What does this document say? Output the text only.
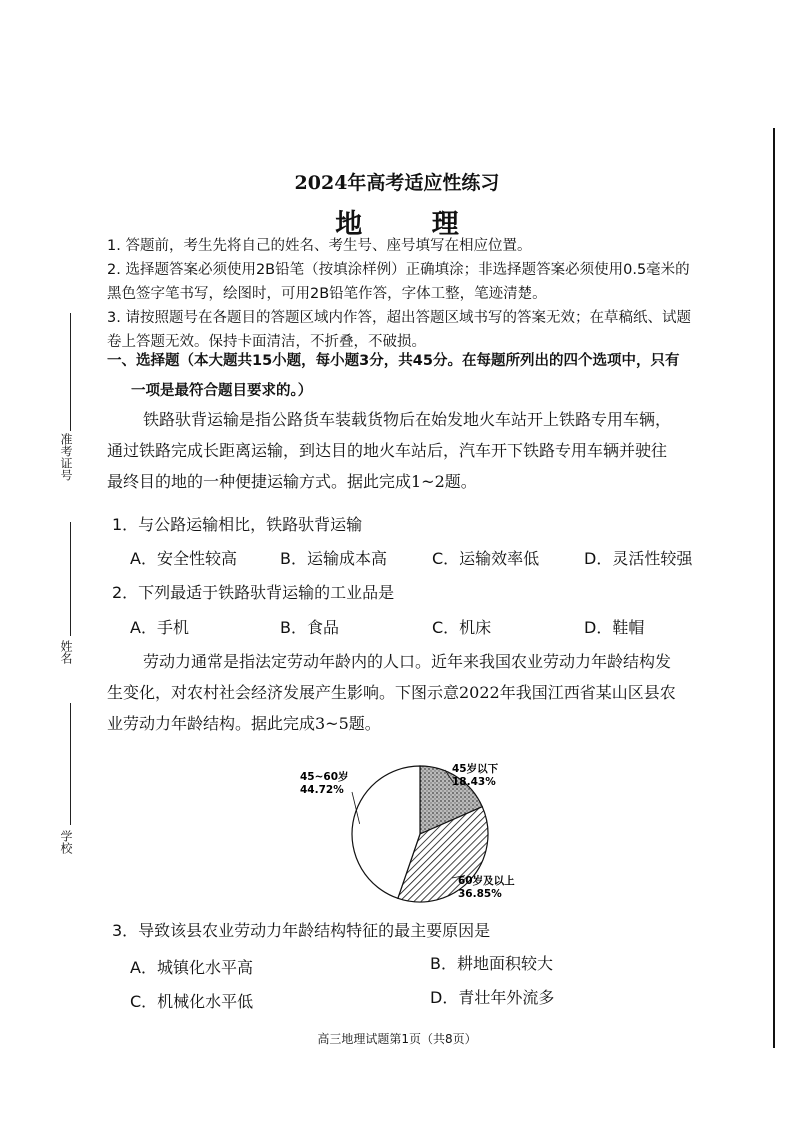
准考证号
姓名
学校
2024年高考适应性练习
地 理
1. 答题前，考生先将自己的姓名、考生号、座号填写在相应位置。
2. 选择题答案必须使用2B铅笔（按填涂样例）正确填涂；非选择题答案必须使用0.5毫米的
黑色签字笔书写，绘图时，可用2B铅笔作答，字体工整，笔迹清楚。
3. 请按照题号在各题目的答题区域内作答，超出答题区域书写的答案无效；在草稿纸、试题
卷上答题无效。保持卡面清洁，不折叠，不破损。
一、选择题（本大题共15小题，每小题3分，共45分。在每题所列出的四个选项中，只有
一项是最符合题目要求的。）
铁路驮背运输是指公路货车装载货物后在始发地火车站开上铁路专用车辆，
通过铁路完成长距离运输，到达目的地火车站后，汽车开下铁路专用车辆并驶往
最终目的地的一种便捷运输方式。据此完成1~2题。
1．与公路运输相比，铁路驮背运输
A．安全性较高	B．运输成本高	C．运输效率低	D．灵活性较强
2．下列最适于铁路驮背运输的工业品是
A．手机	B．食品	C．机床	D．鞋帽
劳动力通常是指法定劳动年龄内的人口。近年来我国农业劳动力年龄结构发
生变化，对农村社会经济发展产生影响。下图示意2022年我国江西省某山区县农
业劳动力年龄结构。据此完成3~5题。
45岁以下
18.43%
60岁及以上
36.85%
45~60岁
44.72%
3．导致该县农业劳动力年龄结构特征的最主要原因是
A．城镇化水平高	B．耕地面积较大
C．机械化水平低	D．青壮年外流多
高三地理试题第1页（共8页）
